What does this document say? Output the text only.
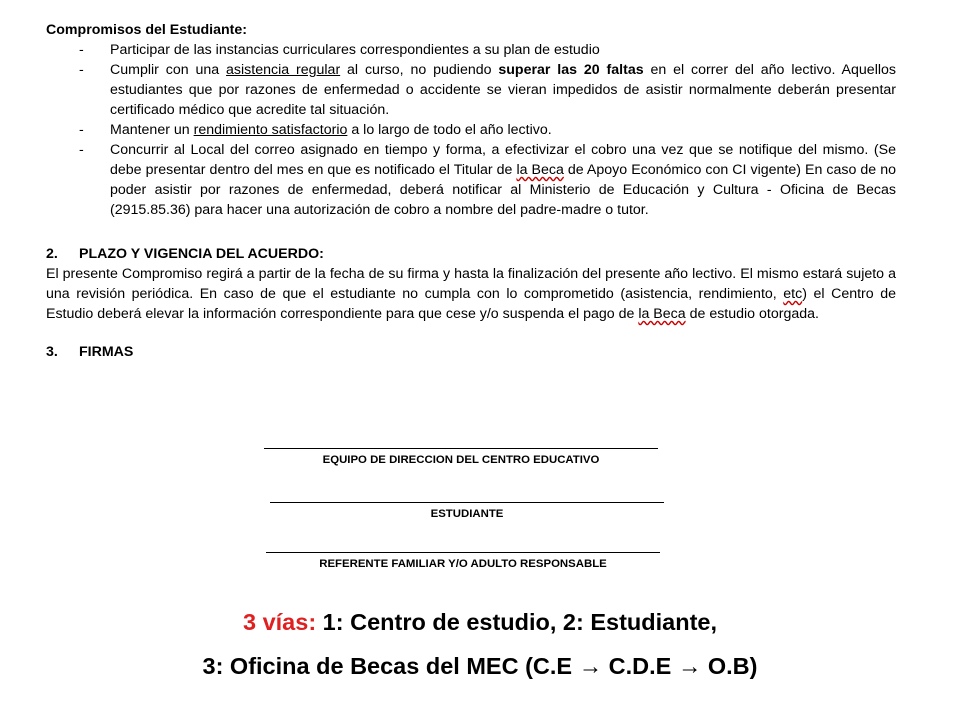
Compromisos del Estudiante:
- Participar de las instancias curriculares correspondientes a su plan de estudio
- Cumplir con una asistencia regular al curso, no pudiendo superar las 20 faltas en el correr del año lectivo. Aquellos estudiantes que por razones de enfermedad o accidente se vieran impedidos de asistir normalmente deberán presentar certificado médico que acredite tal situación.
- Mantener un rendimiento satisfactorio a lo largo de todo el año lectivo.
- Concurrir al Local del correo asignado en tiempo y forma, a efectivizar el cobro una vez que se notifique del mismo. (Se debe presentar dentro del mes en que es notificado el Titular de la Beca de Apoyo Económico con CI vigente) En caso de no poder asistir por razones de enfermedad, deberá notificar al Ministerio de Educación y Cultura - Oficina de Becas (2915.85.36) para hacer una autorización de cobro a nombre del padre-madre o tutor.
2.	PLAZO Y VIGENCIA DEL ACUERDO:
El presente Compromiso regirá a partir de la fecha de su firma y hasta la finalización del presente año lectivo. El mismo estará sujeto a una revisión periódica. En caso de que el estudiante no cumpla con lo comprometido (asistencia, rendimiento, etc) el Centro de Estudio deberá elevar la información correspondiente para que cese y/o suspenda el pago de la Beca de estudio otorgada.
3.	FIRMAS
EQUIPO DE DIRECCION DEL CENTRO EDUCATIVO
ESTUDIANTE
REFERENTE FAMILIAR Y/O ADULTO RESPONSABLE
3 vías: 1: Centro de estudio, 2: Estudiante,
3: Oficina de Becas del MEC (C.E → C.D.E → O.B)
